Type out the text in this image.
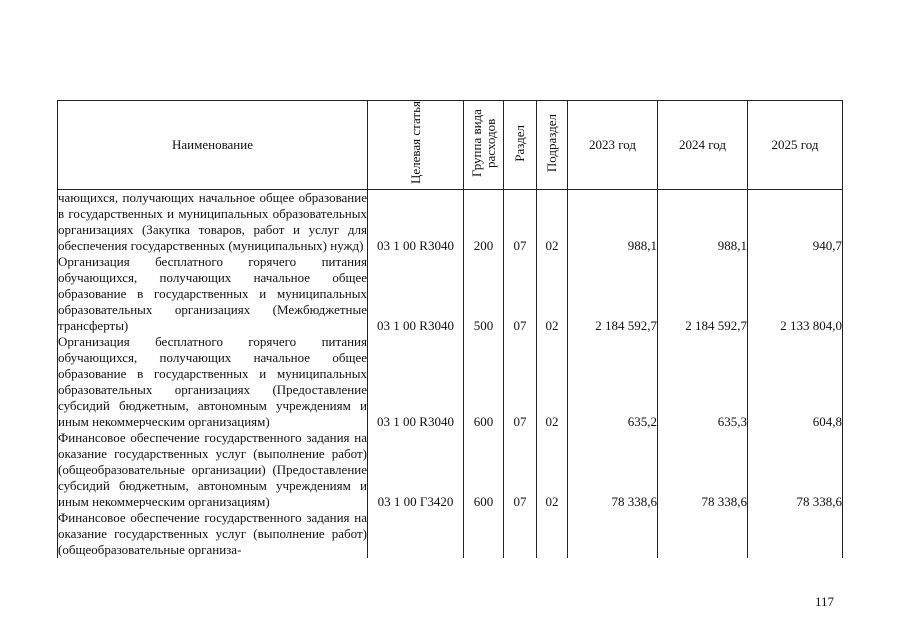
Наименование	Целевая статья	Группа вида расходов	Раздел	Подраздел	2023 год	2024 год	2025 год
чающихся, получающих начальное общее образование в государственных и муниципальных образовательных организациях (Закупка товаров, работ и услуг для обеспечения государственных (муниципальных) нужд)	03 1 00 R3040	200	07	02	988,1	988,1	940,7
Организация бесплатного горячего питания обучающихся, получающих начальное общее образование в государственных и муниципальных образовательных организациях (Межбюджетные трансферты)	03 1 00 R3040	500	07	02	2 184 592,7	2 184 592,7	2 133 804,0
Организация бесплатного горячего питания обучающихся, получающих начальное общее образование в государственных и муниципальных образовательных организациях (Предоставление субсидий бюджетным, автономным учреждениям и иным некоммерческим организациям)	03 1 00 R3040	600	07	02	635,2	635,3	604,8
Финансовое обеспечение государственного задания на оказание государственных услуг (выполнение работ) (общеобразовательные организации) (Предоставление субсидий бюджетным, автономным учреждениям и иным некоммерческим организациям)	03 1 00 Г3420	600	07	02	78 338,6	78 338,6	78 338,6
Финансовое обеспечение государственного задания на оказание государственных услуг (выполнение работ) (общеобразовательные организа-							
117
